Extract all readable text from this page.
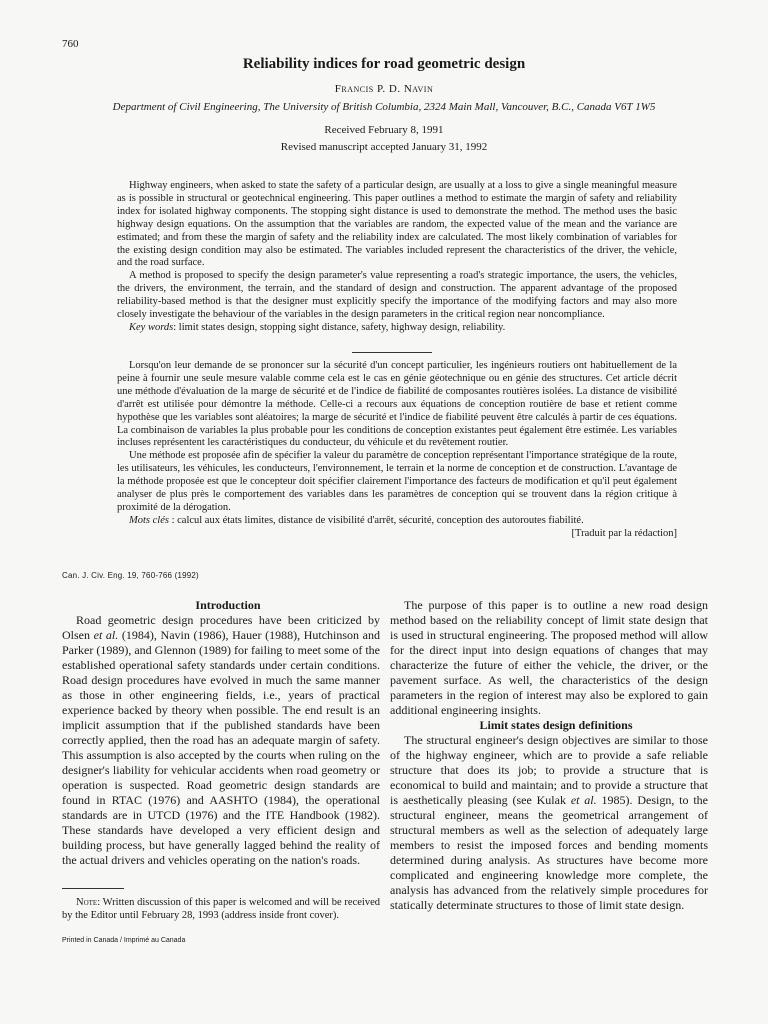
760
Reliability indices for road geometric design
Francis P. D. Navin
Department of Civil Engineering, The University of British Columbia, 2324 Main Mall, Vancouver, B.C., Canada V6T 1W5
Received February 8, 1991
Revised manuscript accepted January 31, 1992

Highway engineers, when asked to state the safety of a particular design, are usually at a loss to give a single meaningful measure as is possible in structural or geotechnical engineering. This paper outlines a method to estimate the margin of safety and reliability index for isolated highway components. The stopping sight distance is used to demonstrate the method. The method uses the basic highway design equations. On the assumption that the variables are random, the expected value of the mean and the variance are estimated; and from these the margin of safety and the reliability index are calculated. The most likely combination of variables for the existing design condition may also be estimated. The variables included represent the characteristics of the driver, the vehicle, and the road surface.

A method is proposed to specify the design parameter's value representing a road's strategic importance, the users, the vehicles, the drivers, the environment, the terrain, and the standard of design and construction. The apparent advantage of the proposed reliability-based method is that the designer must explicitly specify the importance of the modifying factors and may also more closely investigate the behaviour of the variables in the design parameters in the critical region near noncompliance.

Key words: limit states design, stopping sight distance, safety, highway design, reliability.

Lorsqu'on leur demande de se prononcer sur la sécurité d'un concept particulier, les ingénieurs routiers ont habituellement de la peine à fournir une seule mesure valable comme cela est le cas en génie géotechnique ou en génie des structures. Cet article décrit une méthode d'évaluation de la marge de sécurité et de l'indice de fiabilité de composantes routières isolées. La distance de visibilité d'arrêt est utilisée pour démontre la méthode. Celle-ci a recours aux équations de conception routière de base et retient comme hypothèse que les variables sont aléatoires; la marge de sécurité et l'indice de fiabilité peuvent être calculés à partir de ces équations. La combinaison de variables la plus probable pour les conditions de conception existantes peut également être estimée. Les variables incluses représentent les caractéristiques du conducteur, du véhicule et du revêtement routier.

Une méthode est proposée afin de spécifier la valeur du paramètre de conception représentant l'importance stratégique de la route, les utilisateurs, les véhicules, les conducteurs, l'environnement, le terrain et la norme de conception et de construction. L'avantage de la méthode proposée est que le concepteur doit spécifier clairement l'importance des facteurs de modification et qu'il peut également analyser de plus près le comportement des variables dans les paramètres de conception qui se trouvent dans la région critique à proximité de la dérogation.

Mots clés : calcul aux états limites, distance de visibilité d'arrêt, sécurité, conception des autoroutes fiabilité.
[Traduit par la rédaction]

Can. J. Civ. Eng. 19, 760-766 (1992)

Introduction

Road geometric design procedures have been criticized by Olsen et al. (1984), Navin (1986), Hauer (1988), Hutchinson and Parker (1989), and Glennon (1989) for failing to meet some of the established operational safety standards under certain conditions. Road design procedures have evolved in much the same manner as those in other engineering fields, i.e., years of practical experience backed by theory when possible. The end result is an implicit assumption that if the published standards have been correctly applied, then the road has an adequate margin of safety. This assumption is also accepted by the courts when ruling on the designer's liability for vehicular accidents when road geometry or operation is suspected. Road geometric design standards are found in RTAC (1976) and AASHTO (1984), the operational standards are in UTCD (1976) and the ITE Handbook (1982). These standards have developed a very efficient design and building process, but have generally lagged behind the reality of the actual drivers and vehicles operating on the nation's roads.

The purpose of this paper is to outline a new road design method based on the reliability concept of limit state design that is used in structural engineering. The proposed method will allow for the direct input into design equations of changes that may characterize the future of either the vehicle, the driver, or the pavement surface. As well, the characteristics of the design parameters in the region of interest may also be explored to gain additional engineering insights.

Limit states design definitions

The structural engineer's design objectives are similar to those of the highway engineer, which are to provide a safe reliable structure that does its job; to provide a structure that is economical to build and maintain; and to provide a structure that is aesthetically pleasing (see Kulak et al. 1985). Design, to the structural engineer, means the geometrical arrangement of structural members as well as the selection of adequately large members to resist the imposed forces and bending moments determined during analysis. As structures have become more complicated and engineering knowledge more complete, the analysis has advanced from the relatively simple procedures for statically determinate structures to those of limit state design.

Note: Written discussion of this paper is welcomed and will be received by the Editor until February 28, 1993 (address inside front cover).
Printed in Canada / Imprimé au Canada
